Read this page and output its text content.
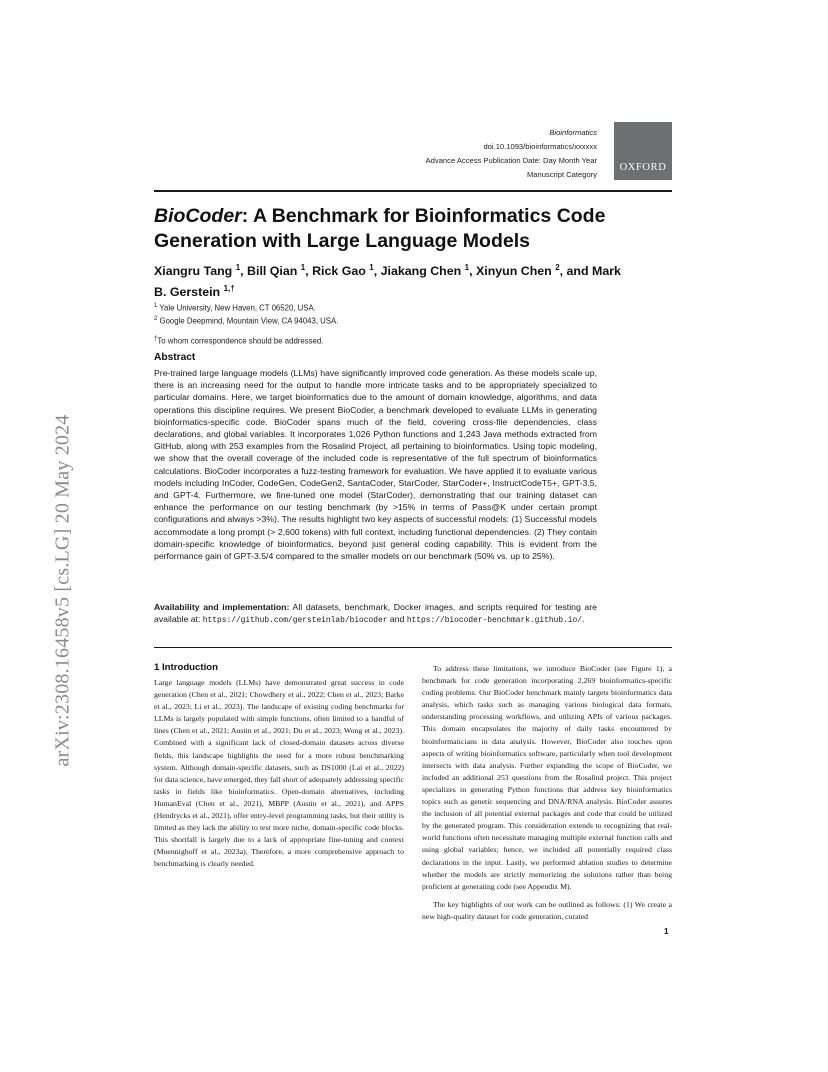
arXiv:2308.16458v5 [cs.LG] 20 May 2024
Bioinformatics
doi.10.1093/bioinformatics/xxxxxx
Advance Access Publication Date: Day Month Year
Manuscript Category
OXFORD
BioCoder: A Benchmark for Bioinformatics Code Generation with Large Language Models

Xiangru Tang $^1$, Bill Qian $^1$, Rick Gao $^1$, Jiakang Chen $^1$, Xinyun Chen $^2$, and Mark B. Gerstein $^{1,\dagger}$

$^1$ Yale University, New Haven, CT 06520, USA.
$^2$ Google Deepmind, Mountain View, CA 94043, USA.
†To whom correspondence should be addressed.
Abstract

Pre-trained large language models (LLMs) have significantly improved code generation. As these models scale up, there is an increasing need for the output to handle more intricate tasks and to be appropriately specialized to particular domains. Here, we target bioinformatics due to the amount of domain knowledge, algorithms, and data operations this discipline requires. We present BioCoder, a benchmark developed to evaluate LLMs in generating bioinformatics-specific code. BioCoder spans much of the field, covering cross-file dependencies, class declarations, and global variables. It incorporates 1,026 Python functions and 1,243 Java methods extracted from GitHub, along with 253 examples from the Rosalind Project, all pertaining to bioinformatics. Using topic modeling, we show that the overall coverage of the included code is representative of the full spectrum of bioinformatics calculations. BioCoder incorporates a fuzz-testing framework for evaluation. We have applied it to evaluate various models including InCoder, CodeGen, CodeGen2, SantaCoder, StarCoder, StarCoder+, InstructCodeT5+, GPT-3.5, and GPT-4. Furthermore, we fine-tuned one model (StarCoder), demonstrating that our training dataset can enhance the performance on our testing benchmark (by >15% in terms of Pass@K under certain prompt configurations and always >3%). The results highlight two key aspects of successful models: (1) Successful models accommodate a long prompt (> 2,600 tokens) with full context, including functional dependencies. (2) They contain domain-specific knowledge of bioinformatics, beyond just general coding capability. This is evident from the performance gain of GPT-3.5/4 compared to the smaller models on our benchmark (50% vs. up to 25%).

Availability and implementation: All datasets, benchmark, Docker images, and scripts required for testing are available at: https://github.com/gersteinlab/biocoder and https://biocoder-benchmark.github.io/.

1 Introduction

Large language models (LLMs) have demonstrated great success in code generation (Chen et al., 2021; Chowdhery et al., 2022; Chen et al., 2023; Barke et al., 2023; Li et al., 2023). The landscape of existing coding benchmarks for LLMs is largely populated with simple functions, often limited to a handful of lines (Chen et al., 2021; Austin et al., 2021; Du et al., 2023; Wong et al., 2023). Combined with a significant lack of closed-domain datasets across diverse fields, this landscape highlights the need for a more robust benchmarking system. Although domain-specific datasets, such as DS1000 (Lai et al., 2022) for data science, have emerged, they fall short of adequately addressing specific tasks in fields like bioinformatics. Open-domain alternatives, including HumanEval (Chen et al., 2021), MBPP (Austin et al., 2021), and APPS (Hendrycks et al., 2021), offer entry-level programming tasks, but their utility is limited as they lack the ability to test more niche, domain-specific code blocks. This shortfall is largely due to a lack of appropriate fine-tuning and context (Muennighoff et al., 2023a). Therefore, a more comprehensive approach to benchmarking is clearly needed.

To address these limitations, we introduce BioCoder (see Figure 1), a benchmark for code generation incorporating 2,269 bioinformatics-specific coding problems. Our BioCoder benchmark mainly targets bioinformatics data analysis, which tasks such as managing various biological data formats, understanding processing workflows, and utilizing APIs of various packages. This domain encapsulates the majority of daily tasks encountered by bioinformaticians in data analysis. However, BioCoder also touches upon aspects of writing bioinformatics software, particularly when tool development intersects with data analysis. Further expanding the scope of BioCoder, we included an additional 253 questions from the Rosalind project. This project specializes in generating Python functions that address key bioinformatics topics such as genetic sequencing and DNA/RNA analysis. BioCoder assures the inclusion of all potential external packages and code that could be utilized by the generated program. This consideration extends to recognizing that real-world functions often necessitate managing multiple external function calls and using global variables; hence, we included all potentially required class declarations in the input. Lastly, we performed ablation studies to determine whether the models are strictly memorizing the solutions rather than being proficient at generating code (see Appendix M).

The key highlights of our work can be outlined as follows: (1) We create a new high-quality dataset for code generation, curated

1
